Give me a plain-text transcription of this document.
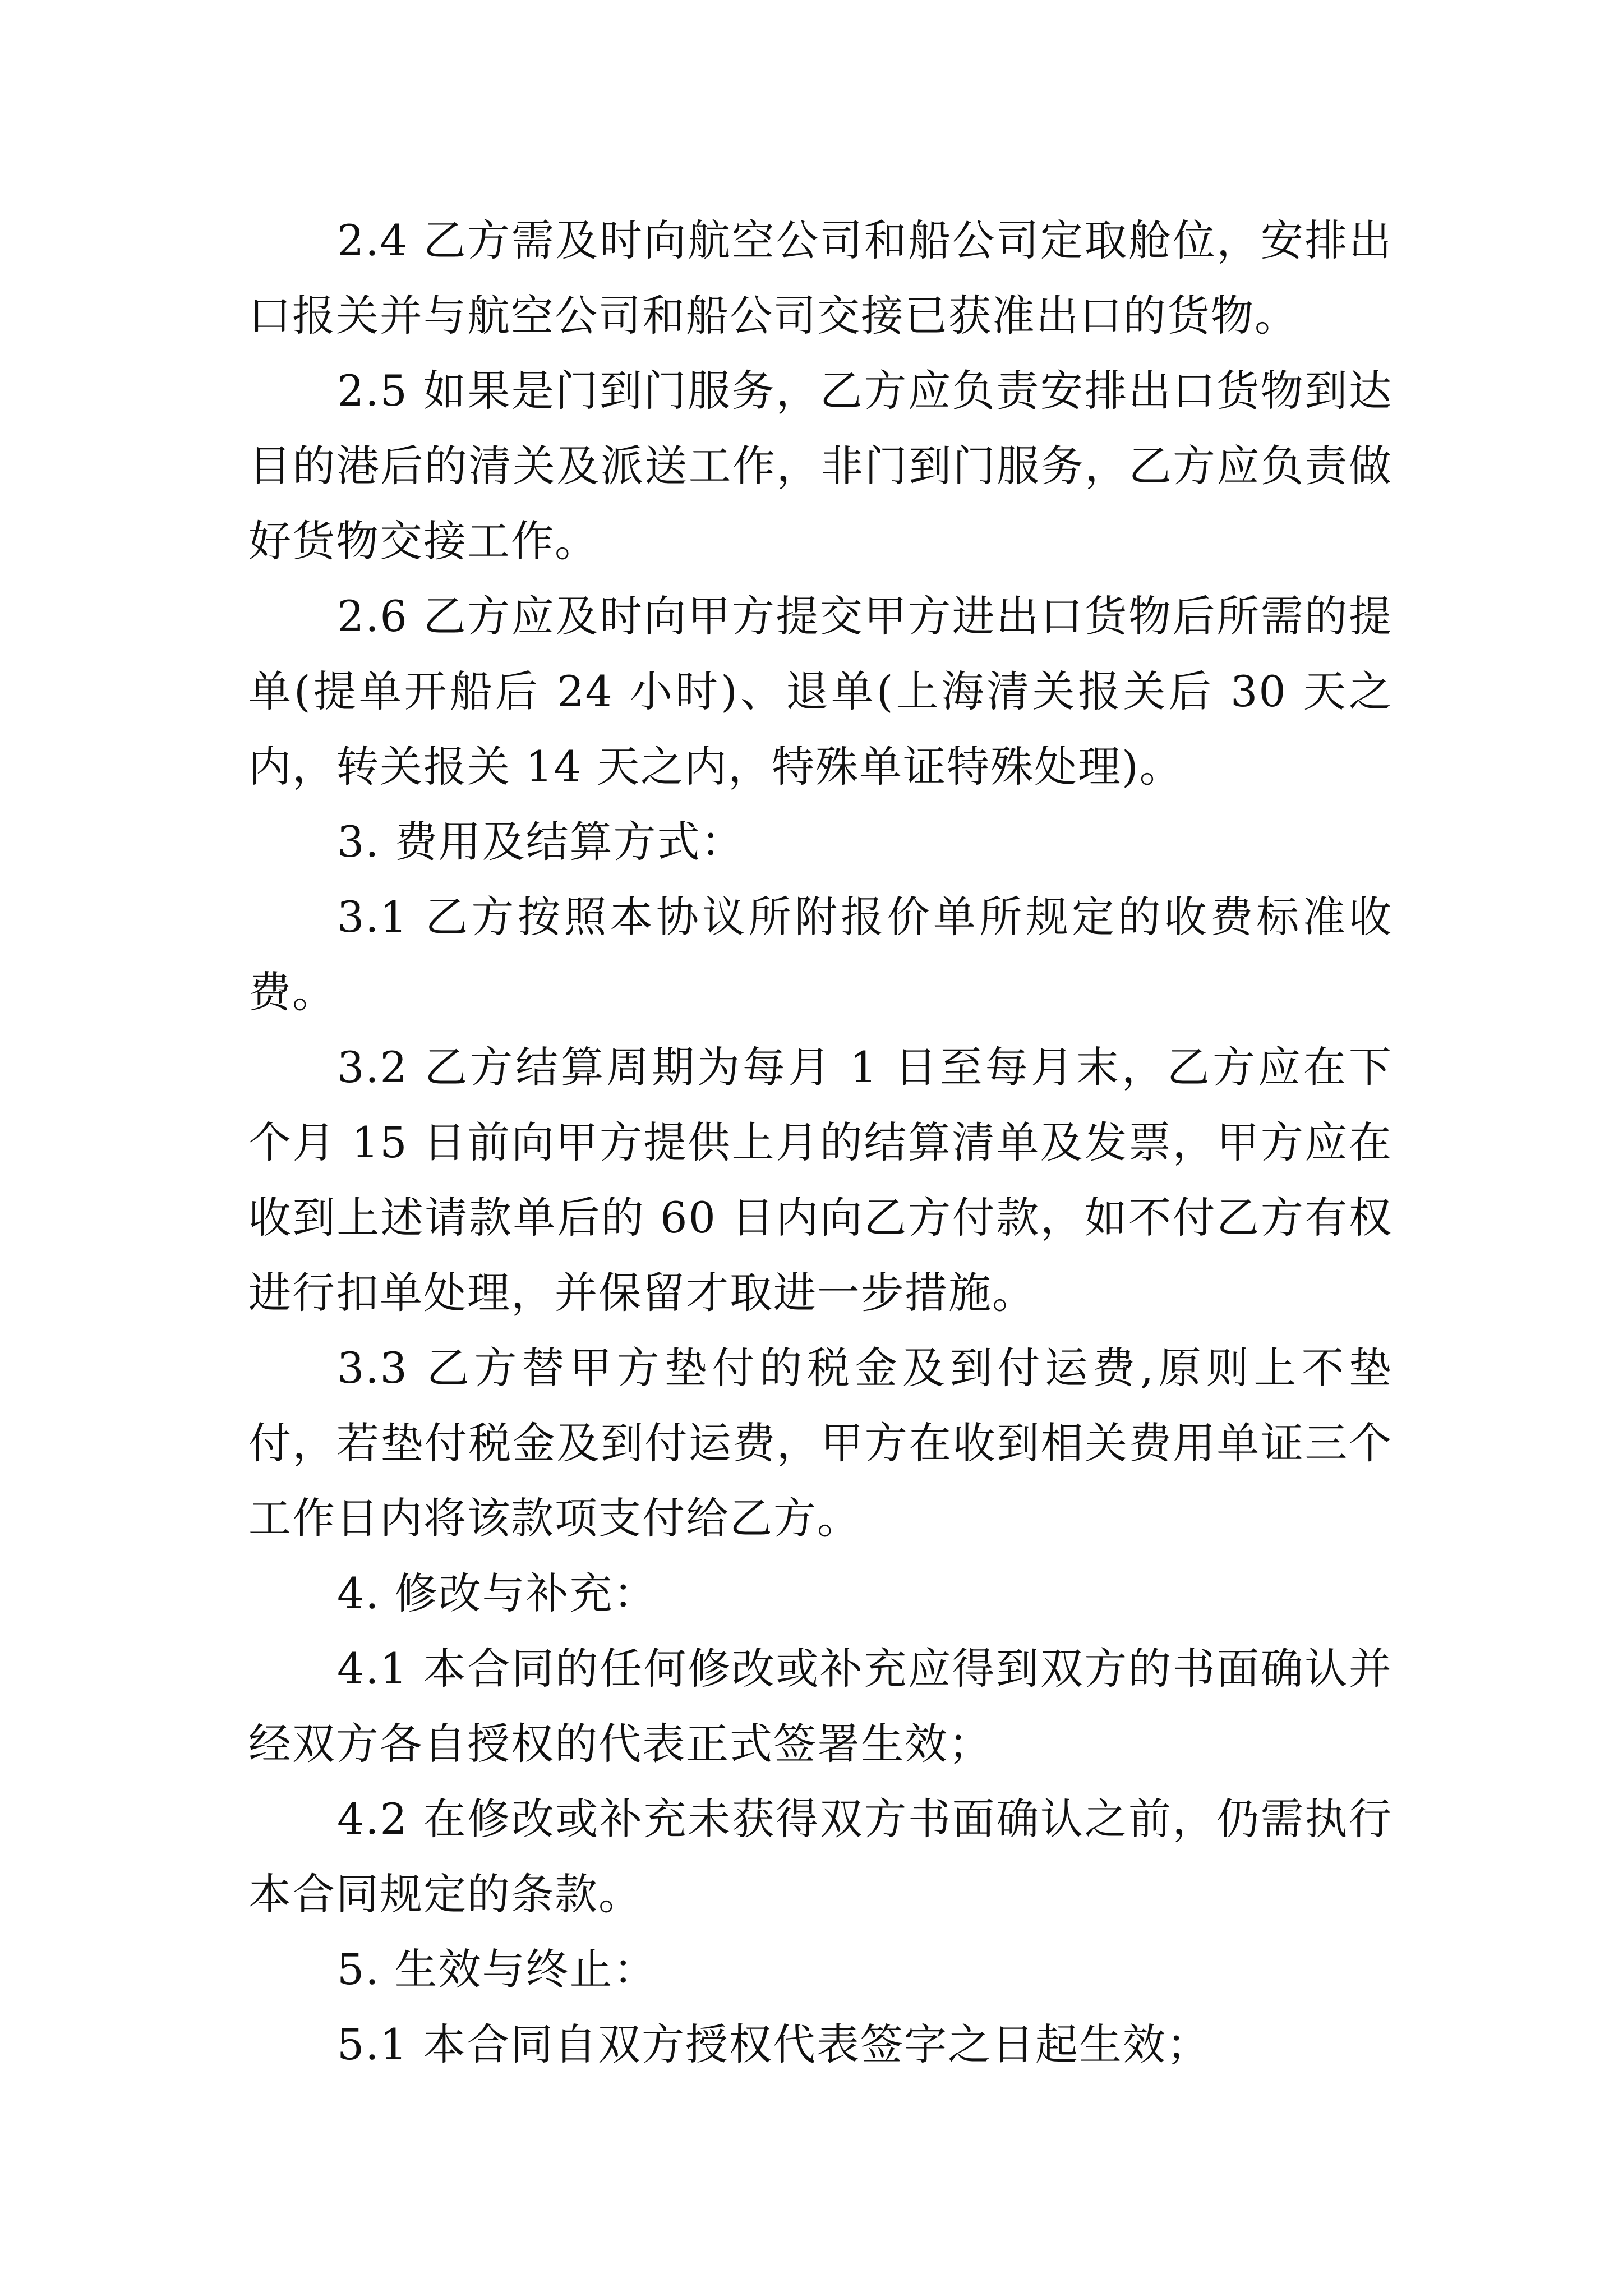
2.4 乙方需及时向航空公司和船公司定取舱位，安排出口报关并与航空公司和船公司交接已获准出口的货物。

2.5 如果是门到门服务，乙方应负责安排出口货物到达目的港后的清关及派送工作，非门到门服务，乙方应负责做好货物交接工作。

2.6 乙方应及时向甲方提交甲方进出口货物后所需的提单(提单开船后 24 小时)、退单(上海清关报关后 30 天之内，转关报关 14 天之内，特殊单证特殊处理)。

3. 费用及结算方式：

3.1 乙方按照本协议所附报价单所规定的收费标准收费。

3.2 乙方结算周期为每月 1 日至每月末，乙方应在下个月 15 日前向甲方提供上月的结算清单及发票，甲方应在收到上述请款单后的 60 日内向乙方付款，如不付乙方有权进行扣单处理，并保留才取进一步措施。

3.3 乙方替甲方垫付的税金及到付运费,原则上不垫付，若垫付税金及到付运费，甲方在收到相关费用单证三个工作日内将该款项支付给乙方。

4. 修改与补充：

4.1 本合同的任何修改或补充应得到双方的书面确认并经双方各自授权的代表正式签署生效；

4.2 在修改或补充未获得双方书面确认之前，仍需执行本合同规定的条款。

5. 生效与终止：

5.1 本合同自双方授权代表签字之日起生效；
